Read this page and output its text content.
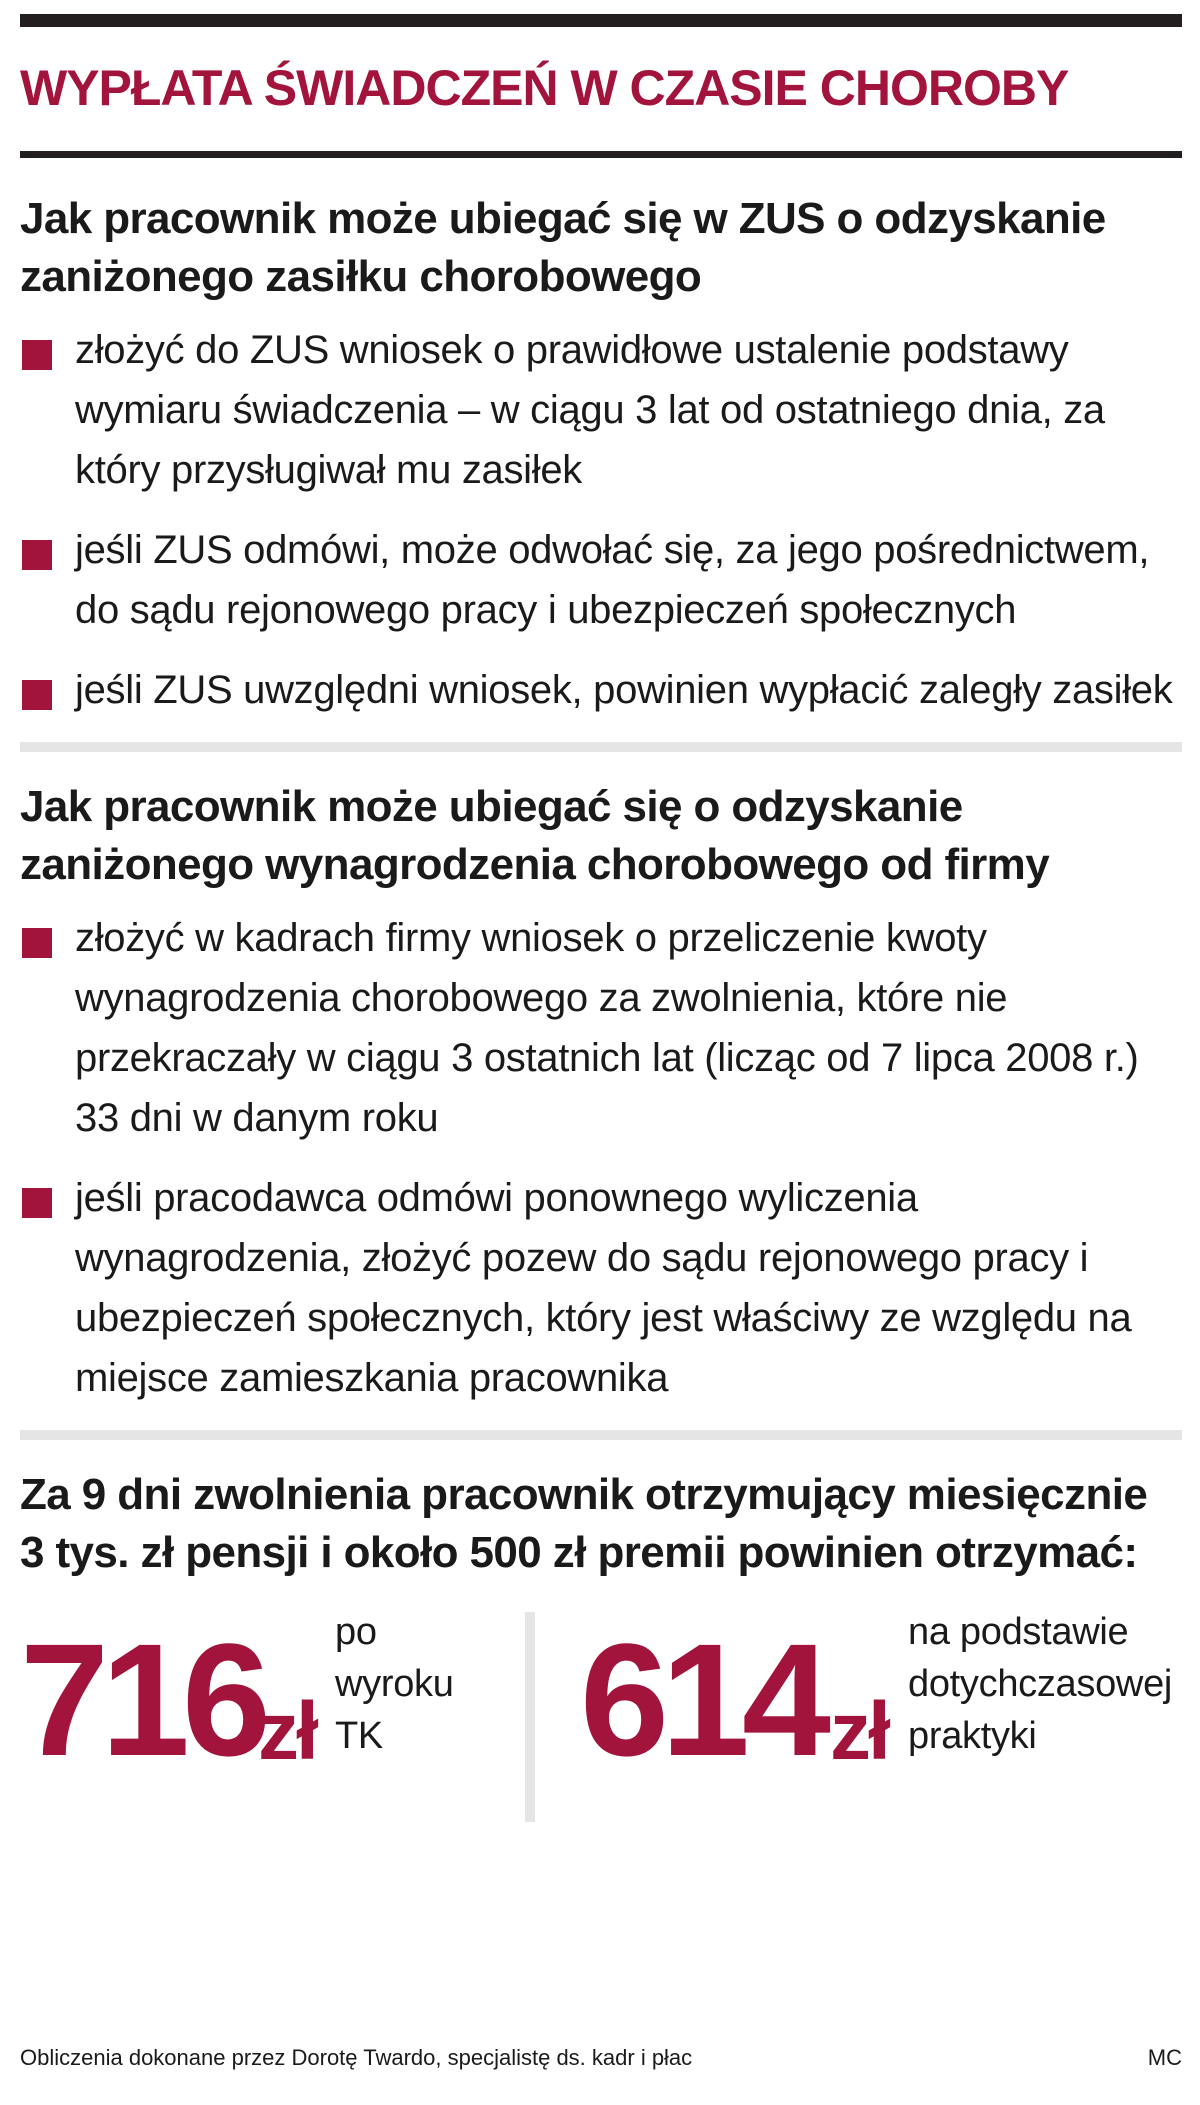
WYPŁATA ŚWIADCZEŃ W CZASIE CHOROBY
Jak pracownik może ubiegać się w ZUS o odzyskanie zaniżonego zasiłku chorobowego
złożyć do ZUS wniosek o prawidłowe ustalenie podstawy wymiaru świadczenia – w ciągu 3 lat od ostatniego dnia, za który przysługiwał mu zasiłek
jeśli ZUS odmówi, może odwołać się, za jego pośrednictwem, do sądu rejonowego pracy i ubezpieczeń społecznych
jeśli ZUS uwzględni wniosek, powinien wypłacić zaległy zasiłek
Jak pracownik może ubiegać się o odzyskanie zaniżonego wynagrodzenia chorobowego od firmy
złożyć w kadrach firmy wniosek o przeliczenie kwoty wynagrodzenia chorobowego za zwolnienia, które nie przekraczały w ciągu 3 ostatnich lat (licząc od 7 lipca 2008 r.) 33 dni w danym roku
jeśli pracodawca odmówi ponownego wyliczenia wynagrodzenia, złożyć pozew do sądu rejonowego pracy i ubezpieczeń społecznych, który jest właściwy ze względu na miejsce zamieszkania pracownika
Za 9 dni zwolnienia pracownik otrzymujący miesięcznie 3 tys. zł pensji i około 500 zł premii powinien otrzymać:
716
zł
po wyroku TK	614 zł
na podstawie dotychczasowej praktyki
Obliczenia dokonane przez Dorotę Twardo, specjalistę ds. kadr i płac	MC
